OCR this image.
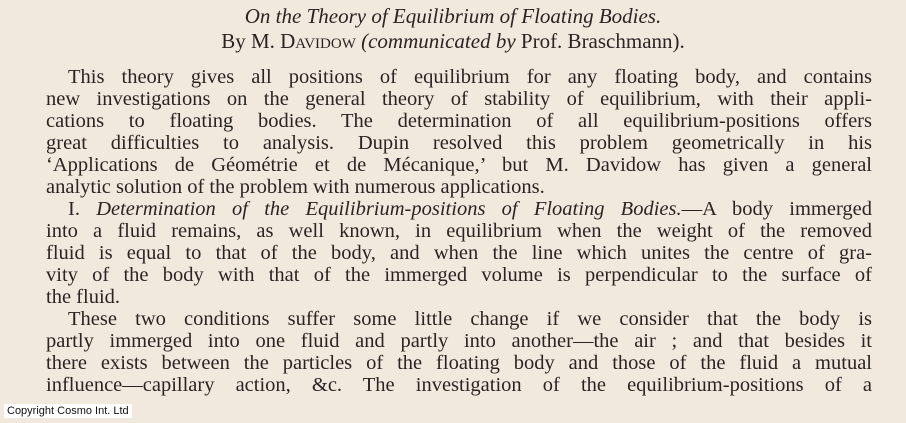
On the Theory of Equilibrium of Floating Bodies.
By M. Davidow (communicated by Prof. Braschmann).
This theory gives all positions of equilibrium for any floating body, and contains
new investigations on the general theory of stability of equilibrium, with their appli-
cations to floating bodies. The determination of all equilibrium-positions offers
great difficulties to analysis. Dupin resolved this problem geometrically in his
‘Applications de Géométrie et de Mécanique,’ but M. Davidow has given a general
analytic solution of the problem with numerous applications.
I. Determination of the Equilibrium-positions of Floating Bodies.—A body immerged
into a fluid remains, as well known, in equilibrium when the weight of the removed
fluid is equal to that of the body, and when the line which unites the centre of gra-
vity of the body with that of the immerged volume is perpendicular to the surface of
the fluid.
These two conditions suffer some little change if we consider that the body is
partly immerged into one fluid and partly into another—the air ; and that besides it
there exists between the particles of the floating body and those of the fluid a mutual
influence—capillary action, &c. The investigation of the equilibrium-positions of a
Copyright Cosmo Int. Ltd
